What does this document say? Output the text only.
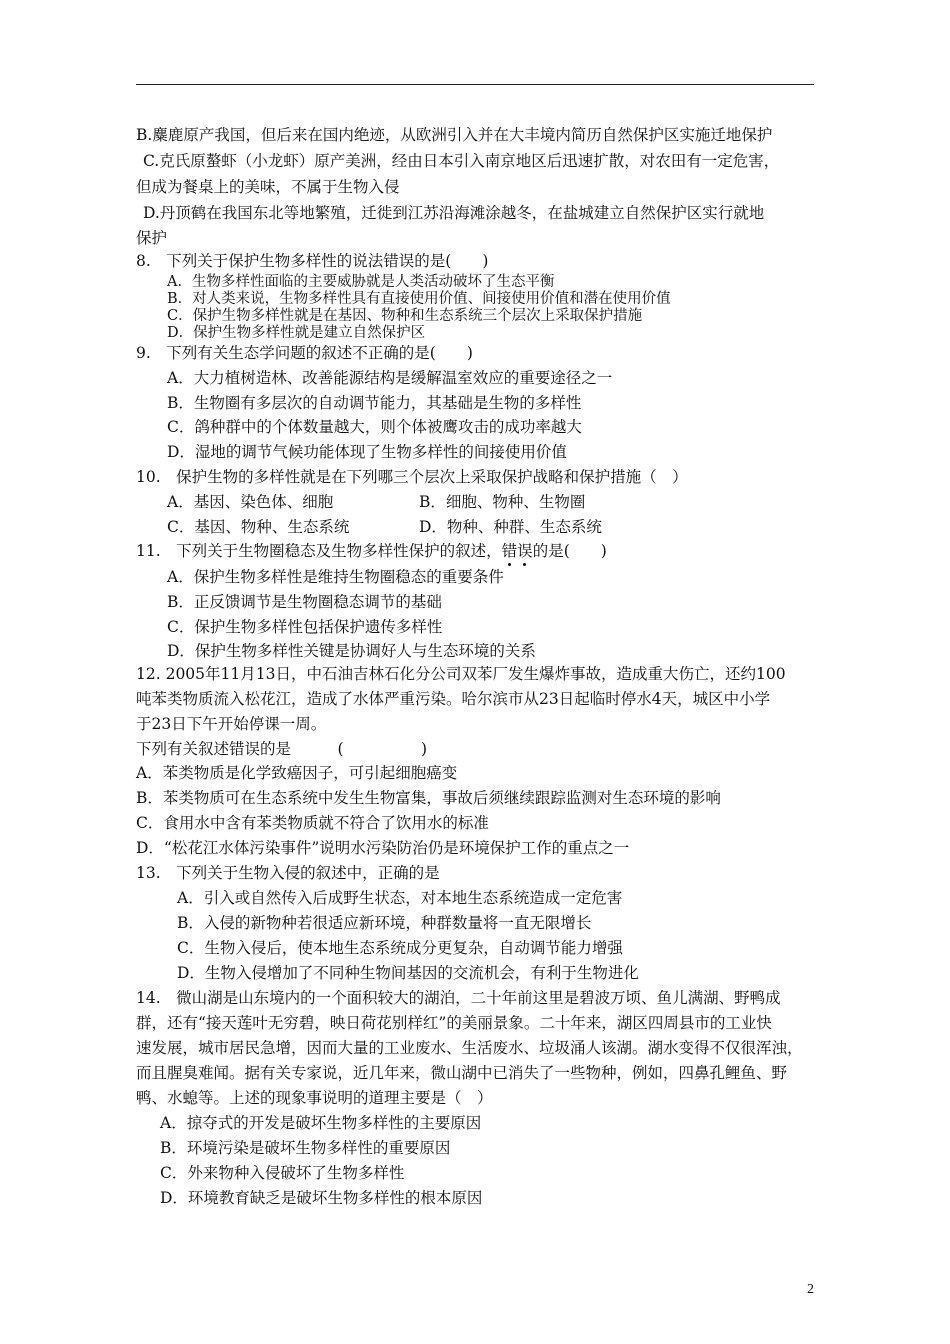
B.麋鹿原产我国，但后来在国内绝迹，从欧洲引入并在大丰境内简历自然保护区实施迁地保护
C.克氏原螯虾（小龙虾）原产美洲，经由日本引入南京地区后迅速扩散，对农田有一定危害，
但成为餐桌上的美味，不属于生物入侵
D.丹顶鹤在我国东北等地繁殖，迁徙到江苏沿海滩涂越冬，在盐城建立自然保护区实行就地
保护
8.　下列关于保护生物多样性的说法错误的是(　　)
A．生物多样性面临的主要威胁就是人类活动破坏了生态平衡
B．对人类来说，生物多样性具有直接使用价值、间接使用价值和潜在使用价值
C．保护生物多样性就是在基因、物种和生态系统三个层次上采取保护措施
D．保护生物多样性就是建立自然保护区
9.　下列有关生态学问题的叙述不正确的是(　　)
A．大力植树造林、改善能源结构是缓解温室效应的重要途径之一
B．生物圈有多层次的自动调节能力，其基础是生物的多样性
C．鸽种群中的个体数量越大，则个体被鹰攻击的成功率越大
D．湿地的调节气候功能体现了生物多样性的间接使用价值
10.　保护生物的多样性就是在下列哪三个层次上采取保护战略和保护措施（　）
A．基因、染色体、细胞	B．细胞、物种、生物圈
C．基因、物种、生态系统	D．物种、种群、生态系统
11.　下列关于生物圈稳态及生物多样性保护的叙述，错误的是(　　)
A．保护生物多样性是维持生物圈稳态的重要条件
B．正反馈调节是生物圈稳态调节的基础
C．保护生物多样性包括保护遗传多样性
D．保护生物多样性关键是协调好人与生态环境的关系
12. 2005年11月13日，中石油吉林石化分公司双苯厂发生爆炸事故，造成重大伤亡，还约100
吨苯类物质流入松花江，造成了水体严重污染。哈尔滨市从23日起临时停水4天，城区中小学
于23日下午开始停课一周。
下列有关叙述错误的是　　　(　　　　　)
A．苯类物质是化学致癌因子，可引起细胞癌变
B．苯类物质可在生态系统中发生生物富集，事故后须继续跟踪监测对生态环境的影响
C．食用水中含有苯类物质就不符合了饮用水的标准
D．“松花江水体污染事件”说明水污染防治仍是环境保护工作的重点之一
13.　下列关于生物入侵的叙述中，正确的是
A．引入或自然传入后成野生状态，对本地生态系统造成一定危害
B．入侵的新物种若很适应新环境，种群数量将一直无限增长
C．生物入侵后，使本地生态系统成分更复杂，自动调节能力增强
D．生物入侵增加了不同种生物间基因的交流机会，有利于生物进化
14.　微山湖是山东境内的一个面积较大的湖泊，二十年前这里是碧波万顷、鱼儿满湖、野鸭成
群，还有“接天莲叶无穷碧，映日荷花别样红”的美丽景象。二十年来，湖区四周县市的工业快
速发展，城市居民急增，因而大量的工业废水、生活废水、垃圾涌人该湖。湖水变得不仅很浑浊，
而且腥臭难闻。据有关专家说，近几年来，微山湖中已消失了一些物种，例如，四鼻孔鲤鱼、野
鸭、水螅等。上述的现象事说明的道理主要是（　）
A．掠夺式的开发是破坏生物多样性的主要原因
B．环境污染是破坏生物多样性的重要原因
C．外来物种入侵破坏了生物多样性
D．环境教育缺乏是破坏生物多样性的根本原因
2
